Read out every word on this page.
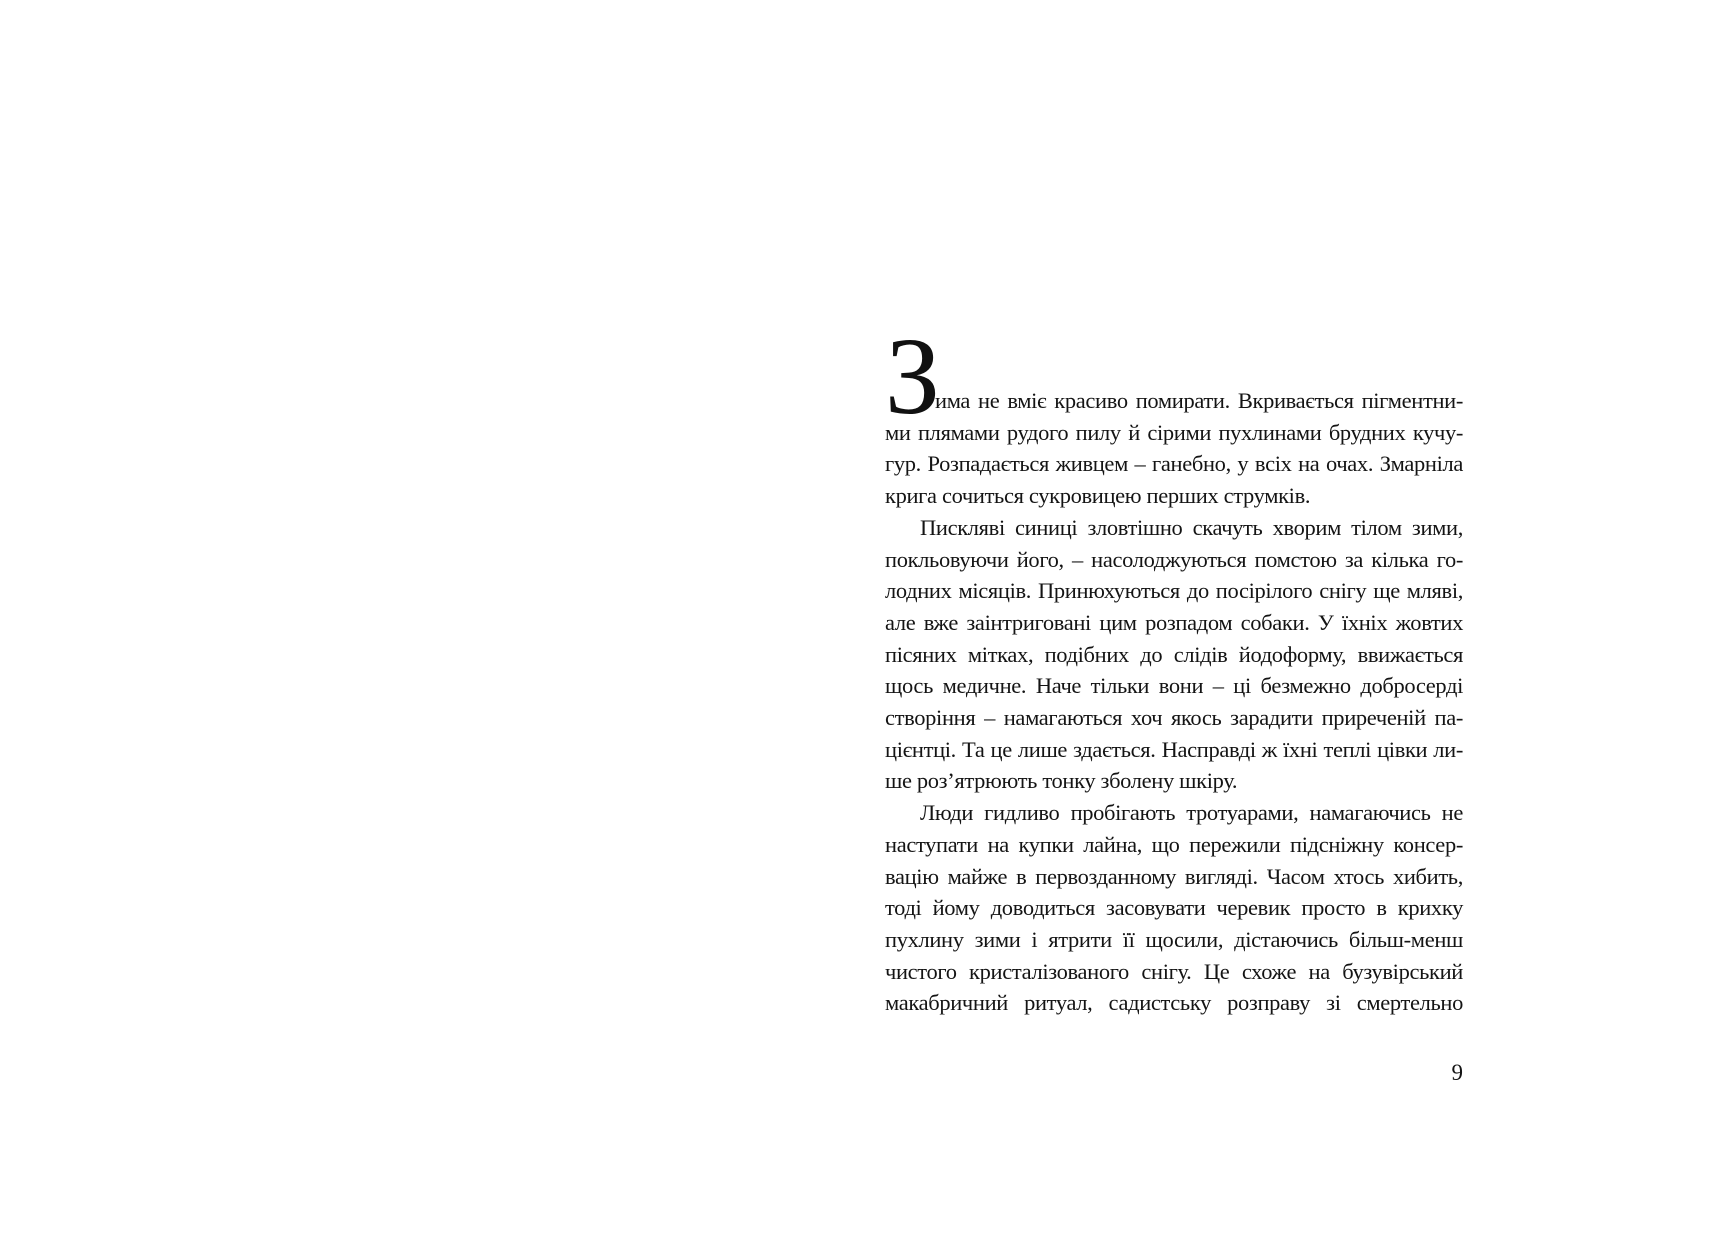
З
има не вміє красиво помирати. Вкривається пігментни-
ми плямами рудого пилу й сірими пухлинами брудних кучу-
гур. Розпадається живцем – ганебно, у всіх на очах. Змарніла
крига сочиться сукровицею перших струмків.
Пискляві синиці зловтішно скачуть хворим тілом зими,
покльовуючи його, – насолоджуються помстою за кілька го-
лодних місяців. Принюхуються до посірілого снігу ще мляві,
але вже заінтриговані цим розпадом собаки. У їхніх жовтих
пісяних мітках, подібних до слідів йодоформу, ввижається
щось медичне. Наче тільки вони – ці безмежно добросерді
створіння – намагаються хоч якось зарадити приреченій па-
цієнтці. Та це лише здається. Насправді ж їхні теплі цівки ли-
ше роз’ятрюють тонку зболену шкіру.
Люди гидливо пробігають тротуарами, намагаючись не
наступати на купки лайна, що пережили підсніжну консер-
вацію майже в первозданному вигляді. Часом хтось хибить,
тоді йому доводиться засовувати черевик просто в крихку
пухлину зими і ятрити її щосили, дістаючись більш-менш
чистого кристалізованого снігу. Це схоже на бузувірський
макабричний ритуал, садистську розправу зі смертельно
9
